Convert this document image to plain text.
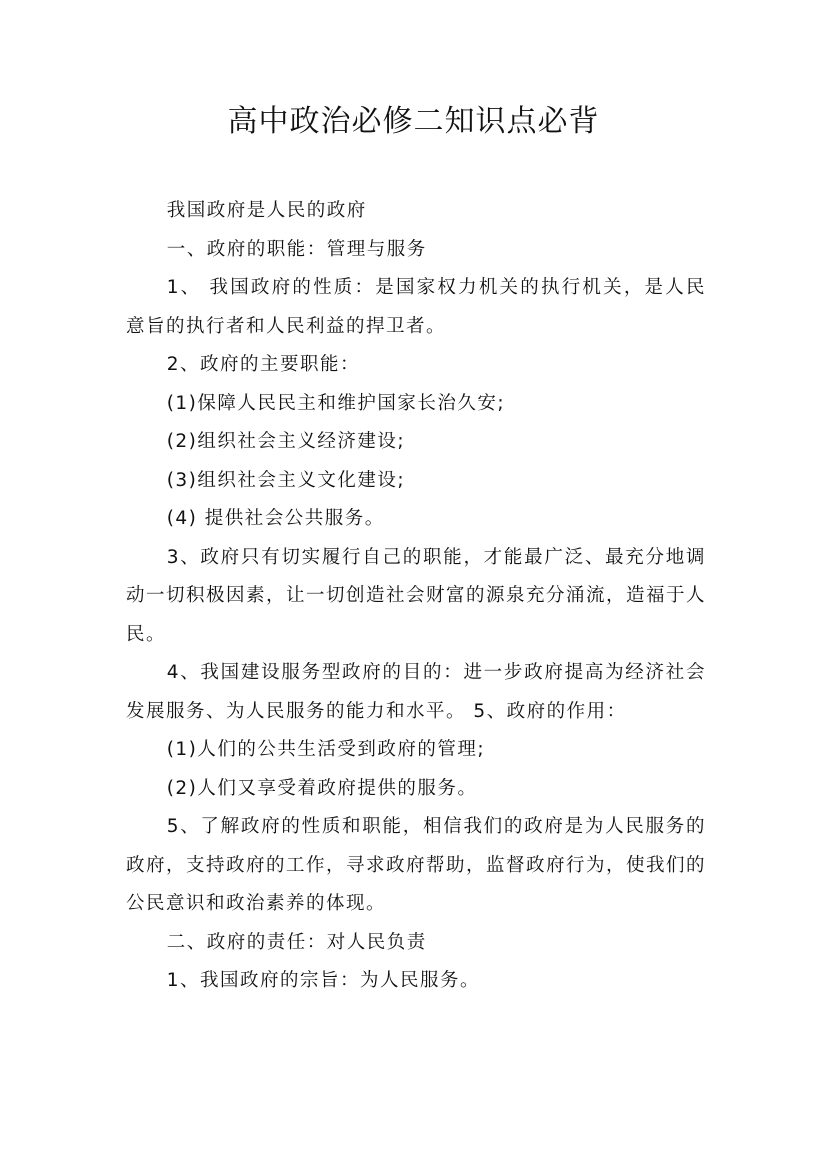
高中政治必修二知识点必背

我国政府是人民的政府

一、政府的职能：管理与服务

1、 我国政府的性质：是国家权力机关的执行机关，是人民意旨的执行者和人民利益的捍卫者。

2、政府的主要职能：

(1)保障人民民主和维护国家长治久安;

(2)组织社会主义经济建设;

(3)组织社会主义文化建设;

(4) 提供社会公共服务。

3、政府只有切实履行自己的职能，才能最广泛、最充分地调动一切积极因素，让一切创造社会财富的源泉充分涌流，造福于人民。

4、我国建设服务型政府的目的：进一步政府提高为经济社会发展服务、为人民服务的能力和水平。 5、政府的作用：

(1)人们的公共生活受到政府的管理;

(2)人们又享受着政府提供的服务。

5、了解政府的性质和职能，相信我们的政府是为人民服务的政府，支持政府的工作，寻求政府帮助，监督政府行为，使我们的公民意识和政治素养的体现。

二、政府的责任：对人民负责

1、我国政府的宗旨：为人民服务。
